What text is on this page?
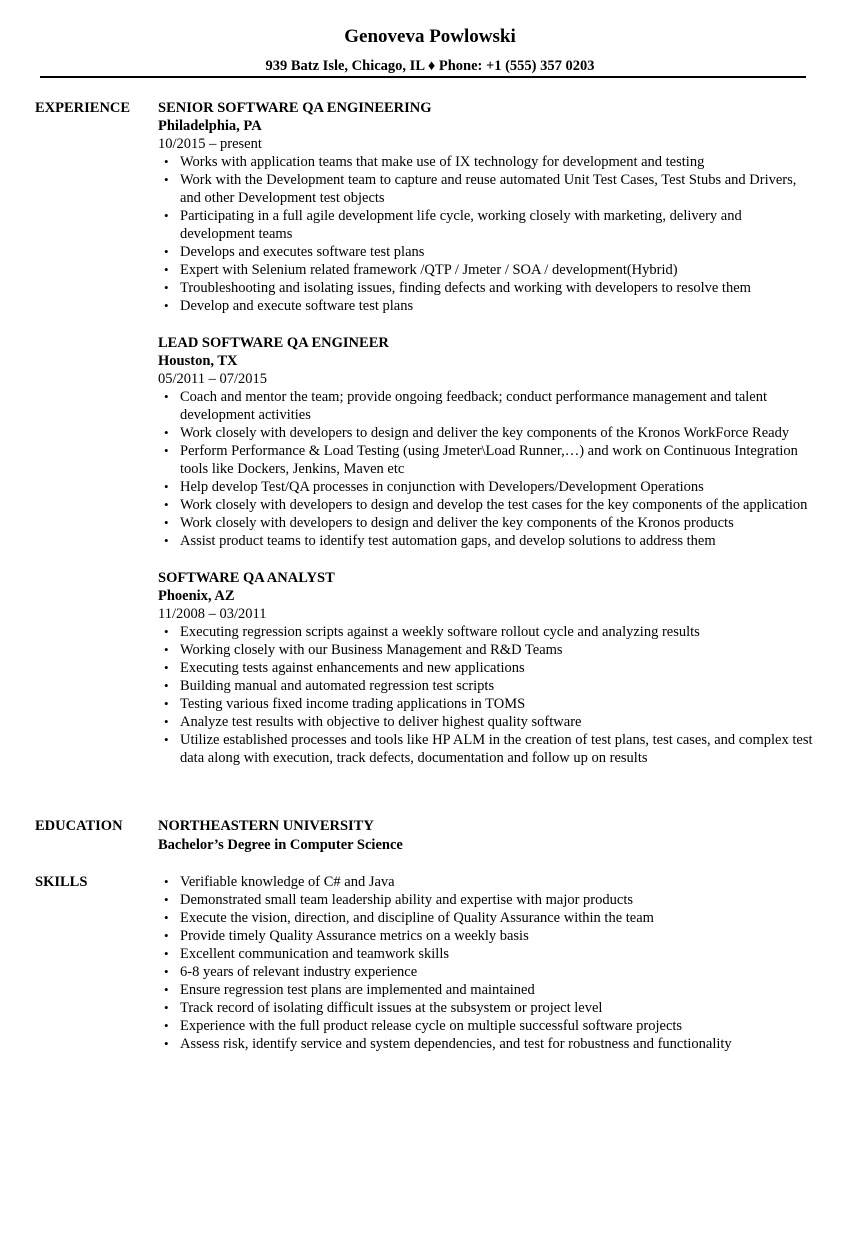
Genoveva Powlowski
939 Batz Isle, Chicago, IL ♦ Phone: +1 (555) 357 0203
EXPERIENCE SENIOR SOFTWARE QA ENGINEERING
Philadelphia, PA
10/2015 – present
• Works with application teams that make use of IX technology for development and testing
• Work with the Development team to capture and reuse automated Unit Test Cases, Test Stubs and Drivers, and other Development test objects
• Participating in a full agile development life cycle, working closely with marketing, delivery and development teams
• Develops and executes software test plans
• Expert with Selenium related framework /QTP / Jmeter / SOA / development(Hybrid)
• Troubleshooting and isolating issues, finding defects and working with developers to resolve them
• Develop and execute software test plans
LEAD SOFTWARE QA ENGINEER
Houston, TX
05/2011 – 07/2015
• Coach and mentor the team; provide ongoing feedback; conduct performance management and talent development activities
• Work closely with developers to design and deliver the key components of the Kronos WorkForce Ready
• Perform Performance & Load Testing (using Jmeter\Load Runner,…) and work on Continuous Integration tools like Dockers, Jenkins, Maven etc
• Help develop Test/QA processes in conjunction with Developers/Development Operations
• Work closely with developers to design and develop the test cases for the key components of the application
• Work closely with developers to design and deliver the key components of the Kronos products
• Assist product teams to identify test automation gaps, and develop solutions to address them
SOFTWARE QA ANALYST
Phoenix, AZ
11/2008 – 03/2011
• Executing regression scripts against a weekly software rollout cycle and analyzing results
• Working closely with our Business Management and R&D Teams
• Executing tests against enhancements and new applications
• Building manual and automated regression test scripts
• Testing various fixed income trading applications in TOMS
• Analyze test results with objective to deliver highest quality software
• Utilize established processes and tools like HP ALM in the creation of test plans, test cases, and complex test data along with execution, track defects, documentation and follow up on results
EDUCATION NORTHEASTERN UNIVERSITY
Bachelor’s Degree in Computer Science
SKILLS	• Verifiable knowledge of C# and Java
• Demonstrated small team leadership ability and expertise with major products
• Execute the vision, direction, and discipline of Quality Assurance within the team
• Provide timely Quality Assurance metrics on a weekly basis
• Excellent communication and teamwork skills
• 6-8 years of relevant industry experience
• Ensure regression test plans are implemented and maintained
• Track record of isolating difficult issues at the subsystem or project level
• Experience with the full product release cycle on multiple successful software projects
• Assess risk, identify service and system dependencies, and test for robustness and functionality
